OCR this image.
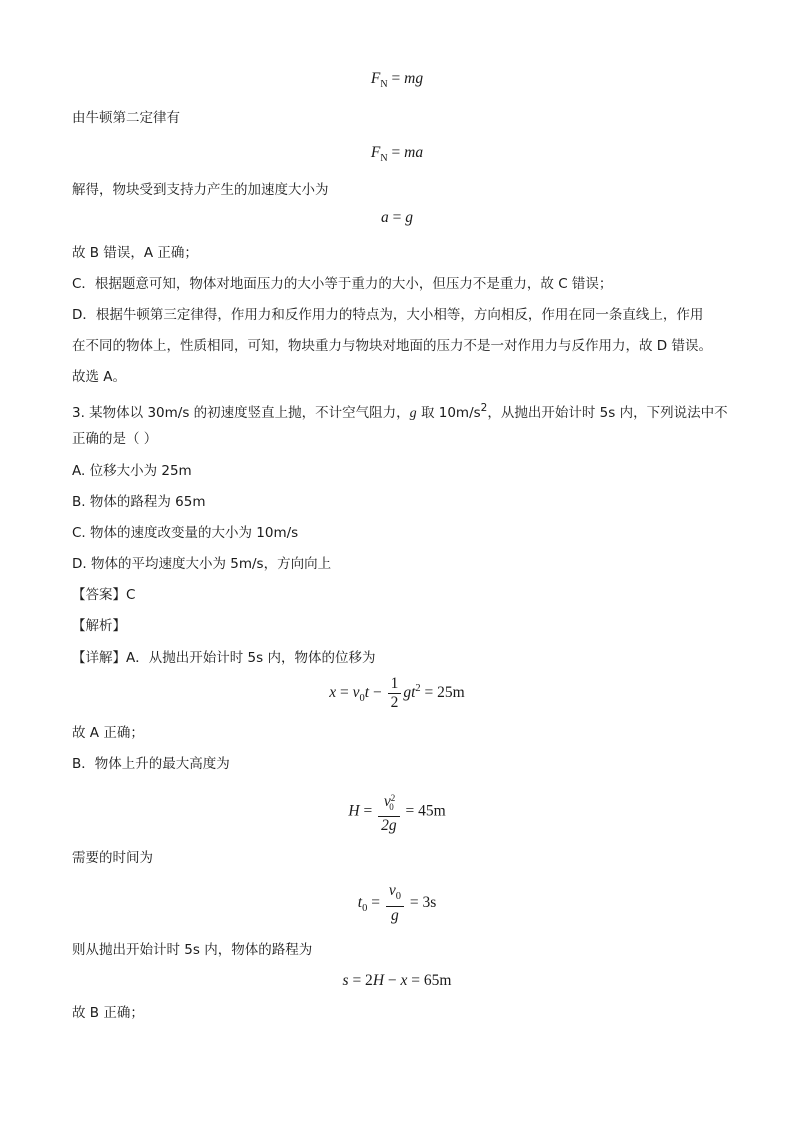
$F_N$ = mg
由牛顿第二定律有
$F_N$ = ma
解得，物块受到支持力产生的加速度大小为
a = g
故 B 错误，A 正确；
C．根据题意可知，物体对地面压力的大小等于重力的大小，但压力不是重力，故 C 错误；
D．根据牛顿第三定律得，作用力和反作用力的特点为，大小相等，方向相反，作用在同一条直线上，作用
在不同的物体上，性质相同，可知，物块重力与物块对地面的压力不是一对作用力与反作用力，故 D 错误。
故选 A。
3. 某物体以 30m/s 的初速度竖直上抛，不计空气阻力，g 取 $10m/s^2$，从抛出开始计时 5s 内，下列说法中不
正确的是（ ）
A. 位移大小为 25m
B. 物体的路程为 65m
C. 物体的速度改变量的大小为 10m/s
D. 物体的平均速度大小为 5m/s，方向向上
【答案】C
【解析】
【详解】A．从抛出开始计时 5s 内，物体的位移为
$x = v_0t - \frac{1}{2} gt^2 = 25m$
故 A 正确；
B．物体上升的最大高度为
$H = \frac{v^2_0}{2g} = 45m$
需要的时间为
$t_0 = \frac{v_0}{g} = 3s$
则从抛出开始计时 5s 内，物体的路程为
s = 2H − x = 65m
故 B 正确；
